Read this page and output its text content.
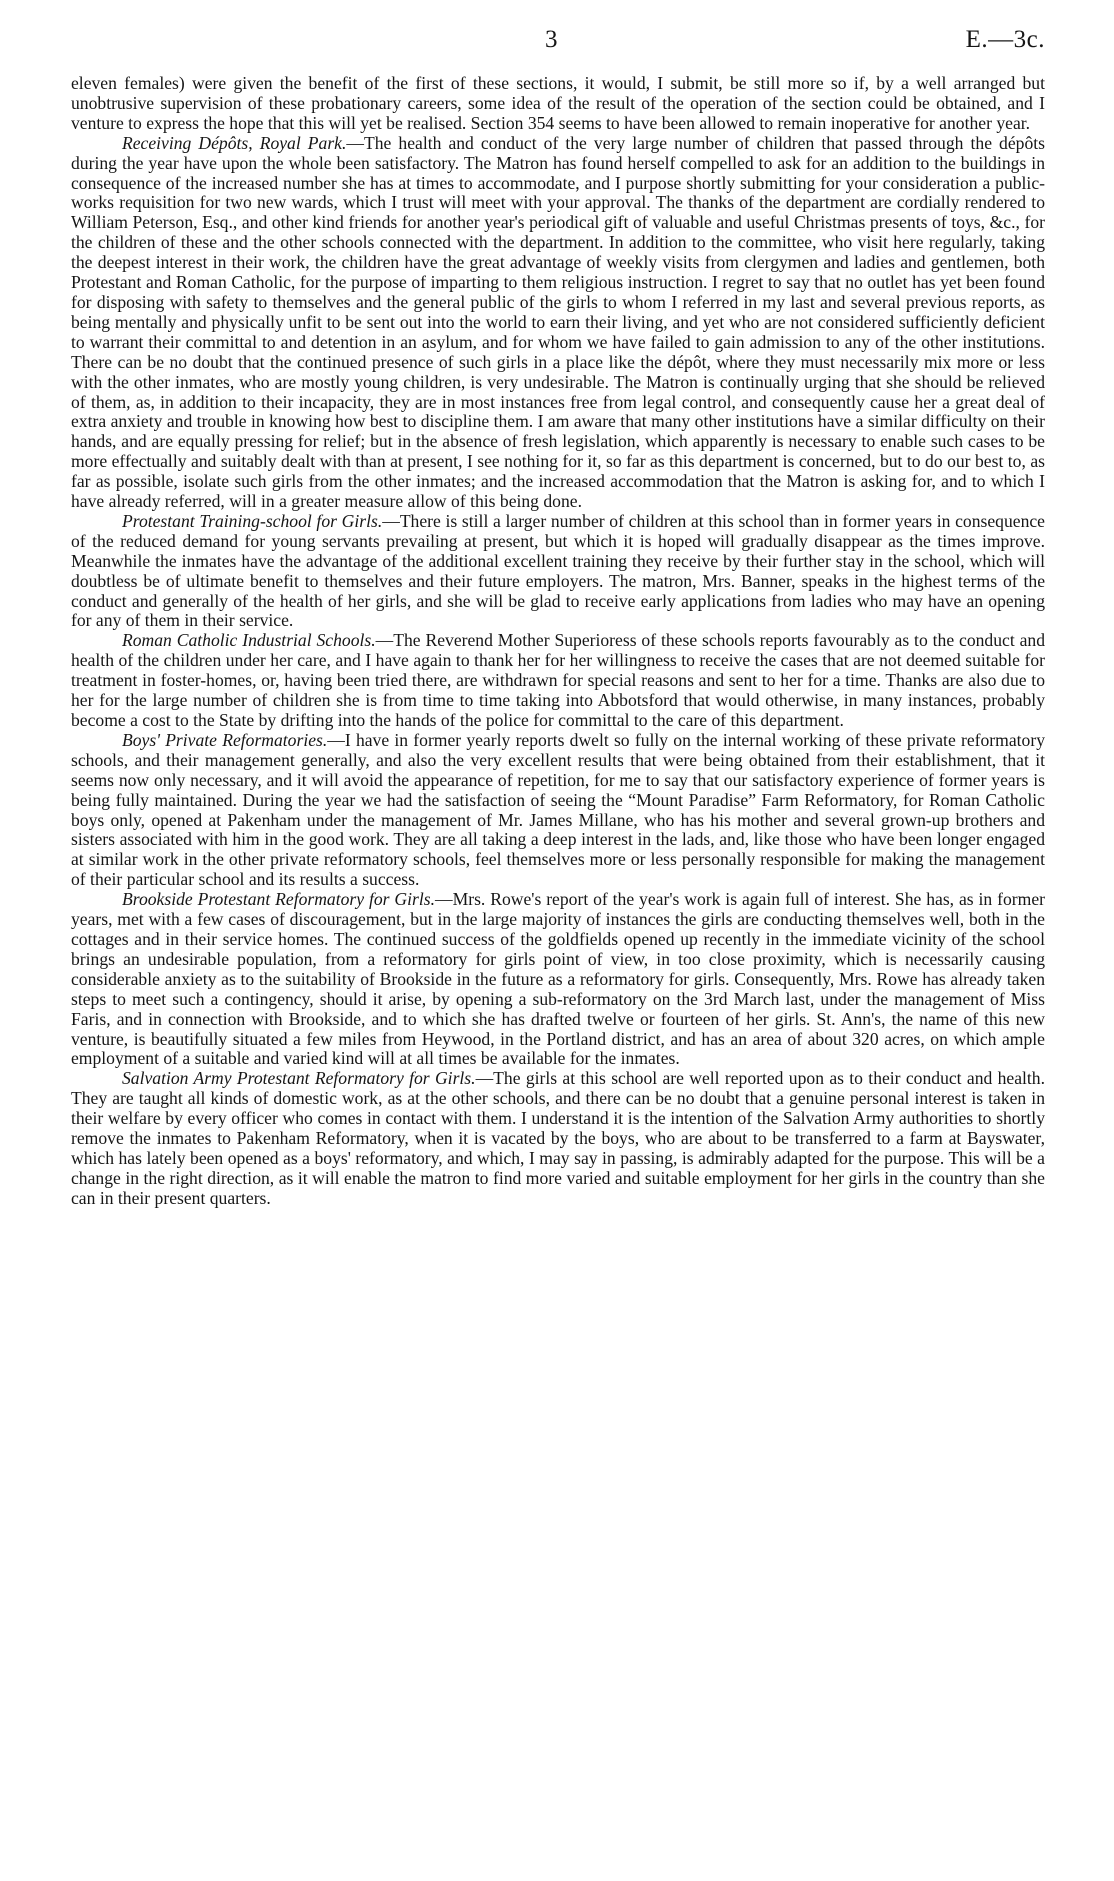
3	E.—3c.

eleven females) were given the benefit of the first of these sections, it would, I submit, be still more so if, by a well arranged but unobtrusive supervision of these probationary careers, some idea of the result of the operation of the section could be obtained, and I venture to express the hope that this will yet be realised. Section 354 seems to have been allowed to remain inoperative for another year.

Receiving Dépôts, Royal Park.—The health and conduct of the very large number of children that passed through the dépôts during the year have upon the whole been satisfactory. The Matron has found herself compelled to ask for an addition to the buildings in consequence of the increased number she has at times to accommodate, and I purpose shortly submitting for your consideration a public-works requisition for two new wards, which I trust will meet with your approval. The thanks of the department are cordially rendered to William Peterson, Esq., and other kind friends for another year's periodical gift of valuable and useful Christmas presents of toys, &c., for the children of these and the other schools connected with the department. In addition to the committee, who visit here regularly, taking the deepest interest in their work, the children have the great advantage of weekly visits from clergymen and ladies and gentlemen, both Protestant and Roman Catholic, for the purpose of imparting to them religious instruction. I regret to say that no outlet has yet been found for disposing with safety to themselves and the general public of the girls to whom I referred in my last and several previous reports, as being mentally and physically unfit to be sent out into the world to earn their living, and yet who are not considered sufficiently deficient to warrant their committal to and detention in an asylum, and for whom we have failed to gain admission to any of the other institutions. There can be no doubt that the continued presence of such girls in a place like the dépôt, where they must necessarily mix more or less with the other inmates, who are mostly young children, is very undesirable. The Matron is continually urging that she should be relieved of them, as, in addition to their incapacity, they are in most instances free from legal control, and consequently cause her a great deal of extra anxiety and trouble in knowing how best to discipline them. I am aware that many other institutions have a similar difficulty on their hands, and are equally pressing for relief; but in the absence of fresh legislation, which apparently is necessary to enable such cases to be more effectually and suitably dealt with than at present, I see nothing for it, so far as this department is concerned, but to do our best to, as far as possible, isolate such girls from the other inmates; and the increased accommodation that the Matron is asking for, and to which I have already referred, will in a greater measure allow of this being done.

Protestant Training-school for Girls.—There is still a larger number of children at this school than in former years in consequence of the reduced demand for young servants prevailing at present, but which it is hoped will gradually disappear as the times improve. Meanwhile the inmates have the advantage of the additional excellent training they receive by their further stay in the school, which will doubtless be of ultimate benefit to themselves and their future employers. The matron, Mrs. Banner, speaks in the highest terms of the conduct and generally of the health of her girls, and she will be glad to receive early applications from ladies who may have an opening for any of them in their service.

Roman Catholic Industrial Schools.—The Reverend Mother Superioress of these schools reports favourably as to the conduct and health of the children under her care, and I have again to thank her for her willingness to receive the cases that are not deemed suitable for treatment in foster-homes, or, having been tried there, are withdrawn for special reasons and sent to her for a time. Thanks are also due to her for the large number of children she is from time to time taking into Abbotsford that would otherwise, in many instances, probably become a cost to the State by drifting into the hands of the police for committal to the care of this department.

Boys' Private Reformatories.—I have in former yearly reports dwelt so fully on the internal working of these private reformatory schools, and their management generally, and also the very excellent results that were being obtained from their establishment, that it seems now only necessary, and it will avoid the appearance of repetition, for me to say that our satisfactory experience of former years is being fully maintained. During the year we had the satisfaction of seeing the “Mount Paradise” Farm Reformatory, for Roman Catholic boys only, opened at Pakenham under the management of Mr. James Millane, who has his mother and several grown-up brothers and sisters associated with him in the good work. They are all taking a deep interest in the lads, and, like those who have been longer engaged at similar work in the other private reformatory schools, feel themselves more or less personally responsible for making the management of their particular school and its results a success.

Brookside Protestant Reformatory for Girls.—Mrs. Rowe's report of the year's work is again full of interest. She has, as in former years, met with a few cases of discouragement, but in the large majority of instances the girls are conducting themselves well, both in the cottages and in their service homes. The continued success of the goldfields opened up recently in the immediate vicinity of the school brings an undesirable population, from a reformatory for girls point of view, in too close proximity, which is necessarily causing considerable anxiety as to the suitability of Brookside in the future as a reformatory for girls. Consequently, Mrs. Rowe has already taken steps to meet such a contingency, should it arise, by opening a sub-reformatory on the 3rd March last, under the management of Miss Faris, and in connection with Brookside, and to which she has drafted twelve or fourteen of her girls. St. Ann's, the name of this new venture, is beautifully situated a few miles from Heywood, in the Portland district, and has an area of about 320 acres, on which ample employment of a suitable and varied kind will at all times be available for the inmates.

Salvation Army Protestant Reformatory for Girls.—The girls at this school are well reported upon as to their conduct and health. They are taught all kinds of domestic work, as at the other schools, and there can be no doubt that a genuine personal interest is taken in their welfare by every officer who comes in contact with them. I understand it is the intention of the Salvation Army authorities to shortly remove the inmates to Pakenham Reformatory, when it is vacated by the boys, who are about to be transferred to a farm at Bayswater, which has lately been opened as a boys' reformatory, and which, I may say in passing, is admirably adapted for the purpose. This will be a change in the right direction, as it will enable the matron to find more varied and suitable employment for her girls in the country than she can in their present quarters.
